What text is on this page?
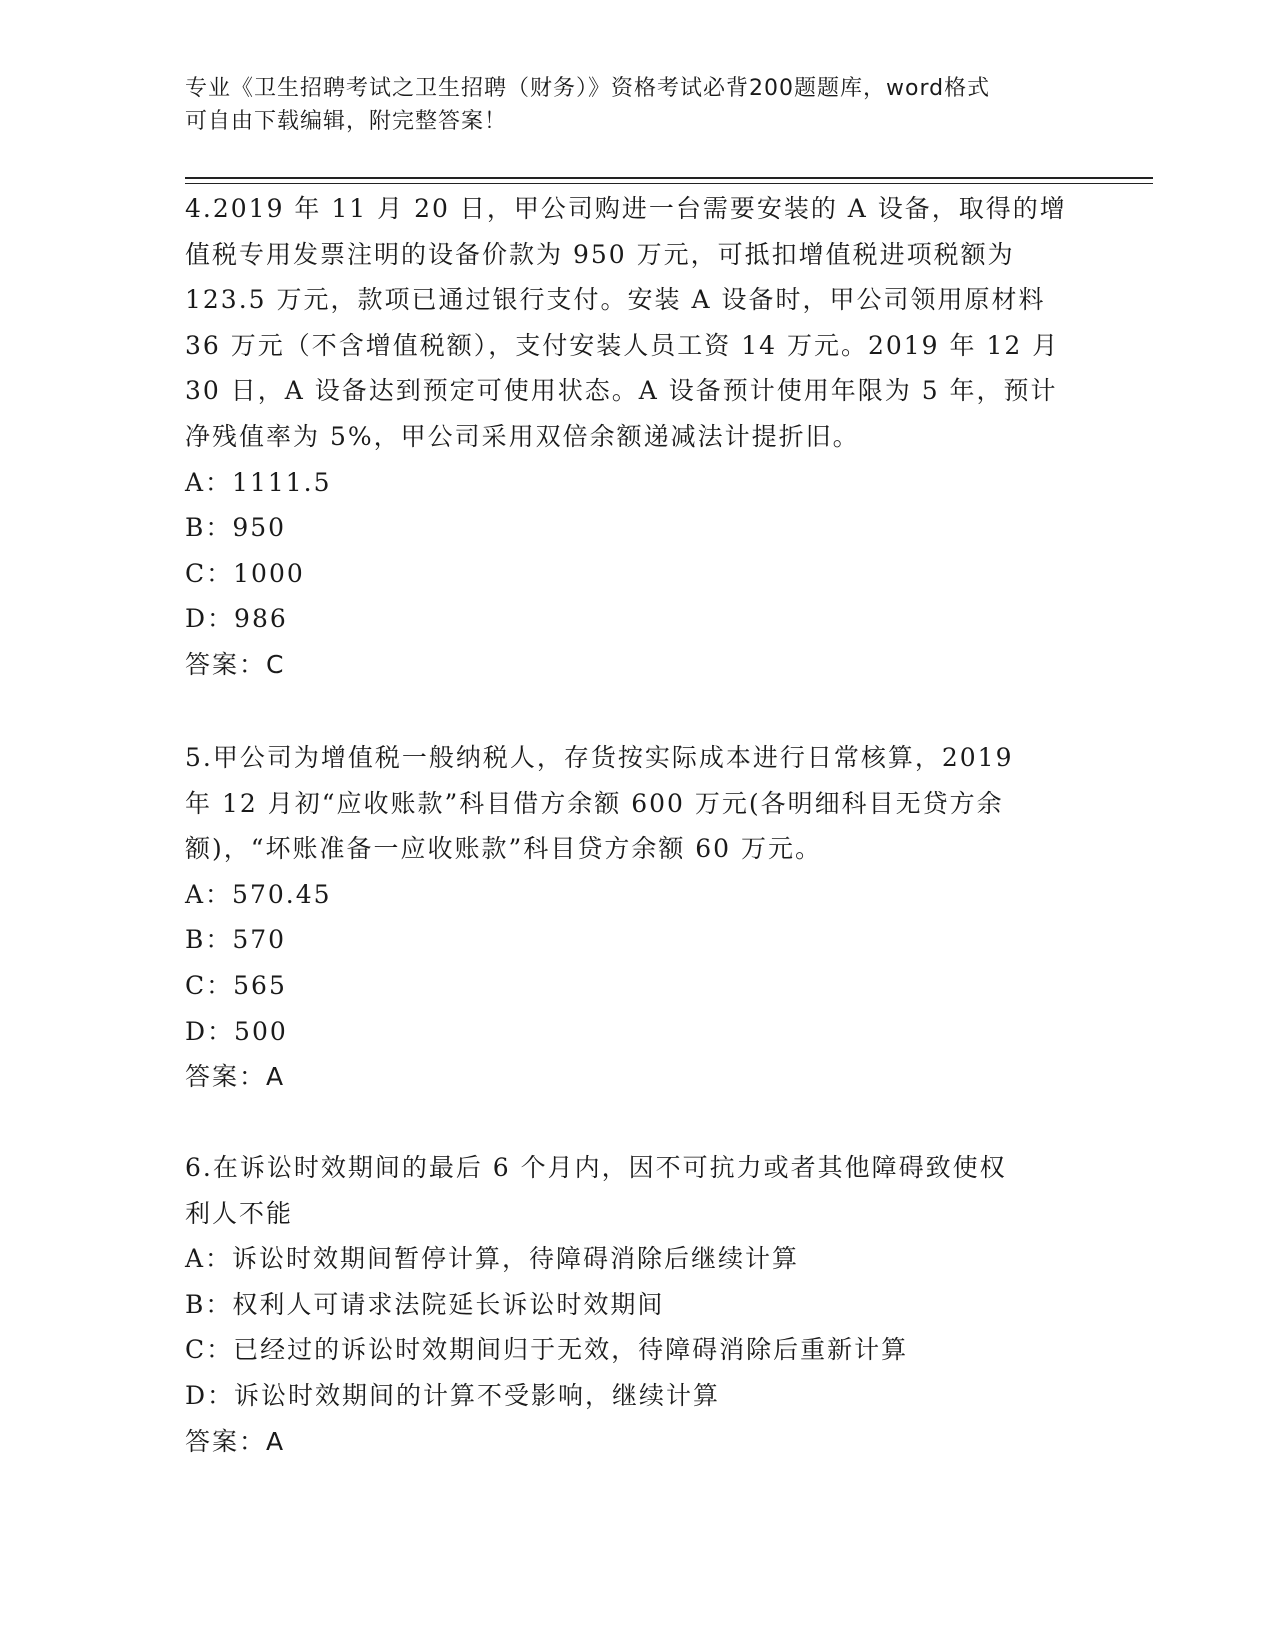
专业《卫生招聘考试之卫生招聘（财务）》资格考试必背200题题库，word格式
可自由下载编辑，附完整答案！

4.2019 年 11 月 20 日，甲公司购进一台需要安装的 A 设备，取得的增

值税专用发票注明的设备价款为 950 万元，可抵扣增值税进项税额为

123.5 万元，款项已通过银行支付。安装 A 设备时，甲公司领用原材料

36 万元（不含增值税额），支付安装人员工资 14 万元。2019 年 12 月

30 日，A 设备达到预定可使用状态。A 设备预计使用年限为 5 年，预计

净残值率为 5%，甲公司采用双倍余额递减法计提折旧。

A：1111.5

B：950

C：1000

D：986

答案：C

5.甲公司为增值税一般纳税人，存货按实际成本进行日常核算，2019

年 12 月初“应收账款”科目借方余额 600 万元(各明细科目无贷方余

额)，“坏账准备一应收账款”科目贷方余额 60 万元。

A：570.45

B：570

C：565

D：500

答案：A

6.在诉讼时效期间的最后 6 个月内，因不可抗力或者其他障碍致使权

利人不能

A：诉讼时效期间暂停计算，待障碍消除后继续计算

B：权利人可请求法院延长诉讼时效期间

C：已经过的诉讼时效期间归于无效，待障碍消除后重新计算

D：诉讼时效期间的计算不受影响，继续计算

答案：A
